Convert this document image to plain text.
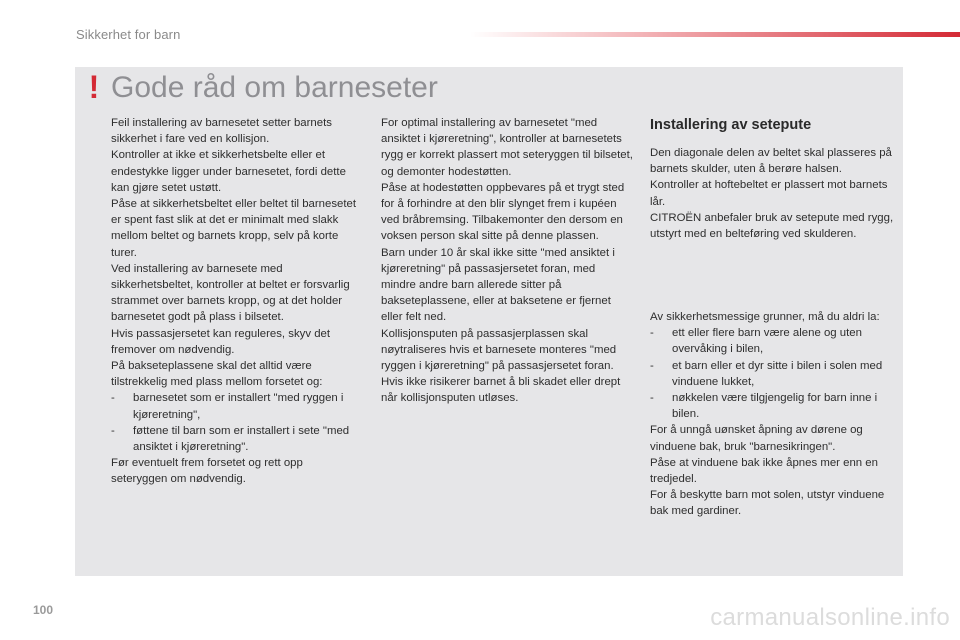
Sikkerhet for barn
! Gode råd om barneseter

Feil installering av barnesetet setter barnets sikkerhet i fare ved en kollisjon.

Kontroller at ikke et sikkerhetsbelte eller et endestykke ligger under barnesetet, fordi dette kan gjøre setet ustøtt.

Påse at sikkerhetsbeltet eller beltet til barnesetet er spent fast slik at det er minimalt med slakk mellom beltet og barnets kropp, selv på korte turer.

Ved installering av barnesete med sikkerhetsbeltet, kontroller at beltet er forsvarlig strammet over barnets kropp, og at det holder barnesetet godt på plass i bilsetet.

Hvis passasjersetet kan reguleres, skyv det fremover om nødvendig.

På bakseteplassene skal det alltid være tilstrekkelig med plass mellom forsetet og:

-	barnesetet som er installert "med ryggen i kjøreretning",
-	føttene til barn som er installert i sete "med ansiktet i kjøreretning".

Før eventuelt frem forsetet og rett opp seteryggen om nødvendig.

For optimal installering av barnesetet "med ansiktet i kjøreretning", kontroller at barnesetets rygg er korrekt plassert mot seteryggen til bilsetet, og demonter hodestøtten.

Påse at hodestøtten oppbevares på et trygt sted for å forhindre at den blir slynget frem i kupéen ved bråbremsing. Tilbakemonter den dersom en voksen person skal sitte på denne plassen.

Barn under 10 år skal ikke sitte "med ansiktet i kjøreretning" på passasjersetet foran, med mindre andre barn allerede sitter på bakseteplassene, eller at baksetene er fjernet eller felt ned.

Kollisjonsputen på passasjerplassen skal nøytraliseres hvis et barnesete monteres "med ryggen i kjøreretning" på passasjersetet foran.

Hvis ikke risikerer barnet å bli skadet eller drept når kollisjonsputen utløses.

Installering av setepute

Den diagonale delen av beltet skal plasseres på barnets skulder, uten å berøre halsen.

Kontroller at hoftebeltet er plassert mot barnets lår.

CITROËN anbefaler bruk av setepute med rygg, utstyrt med en belteføring ved skulderen.

Av sikkerhetsmessige grunner, må du aldri la:

-	ett eller flere barn være alene og uten overvåking i bilen,
-	et barn eller et dyr sitte i bilen i solen med vinduene lukket,
-	nøkkelen være tilgjengelig for barn inne i bilen.

For å unngå uønsket åpning av dørene og vinduene bak, bruk "barnesikringen".

Påse at vinduene bak ikke åpnes mer enn en tredjedel.

For å beskytte barn mot solen, utstyr vinduene bak med gardiner.

100	carmanualsonline.info
